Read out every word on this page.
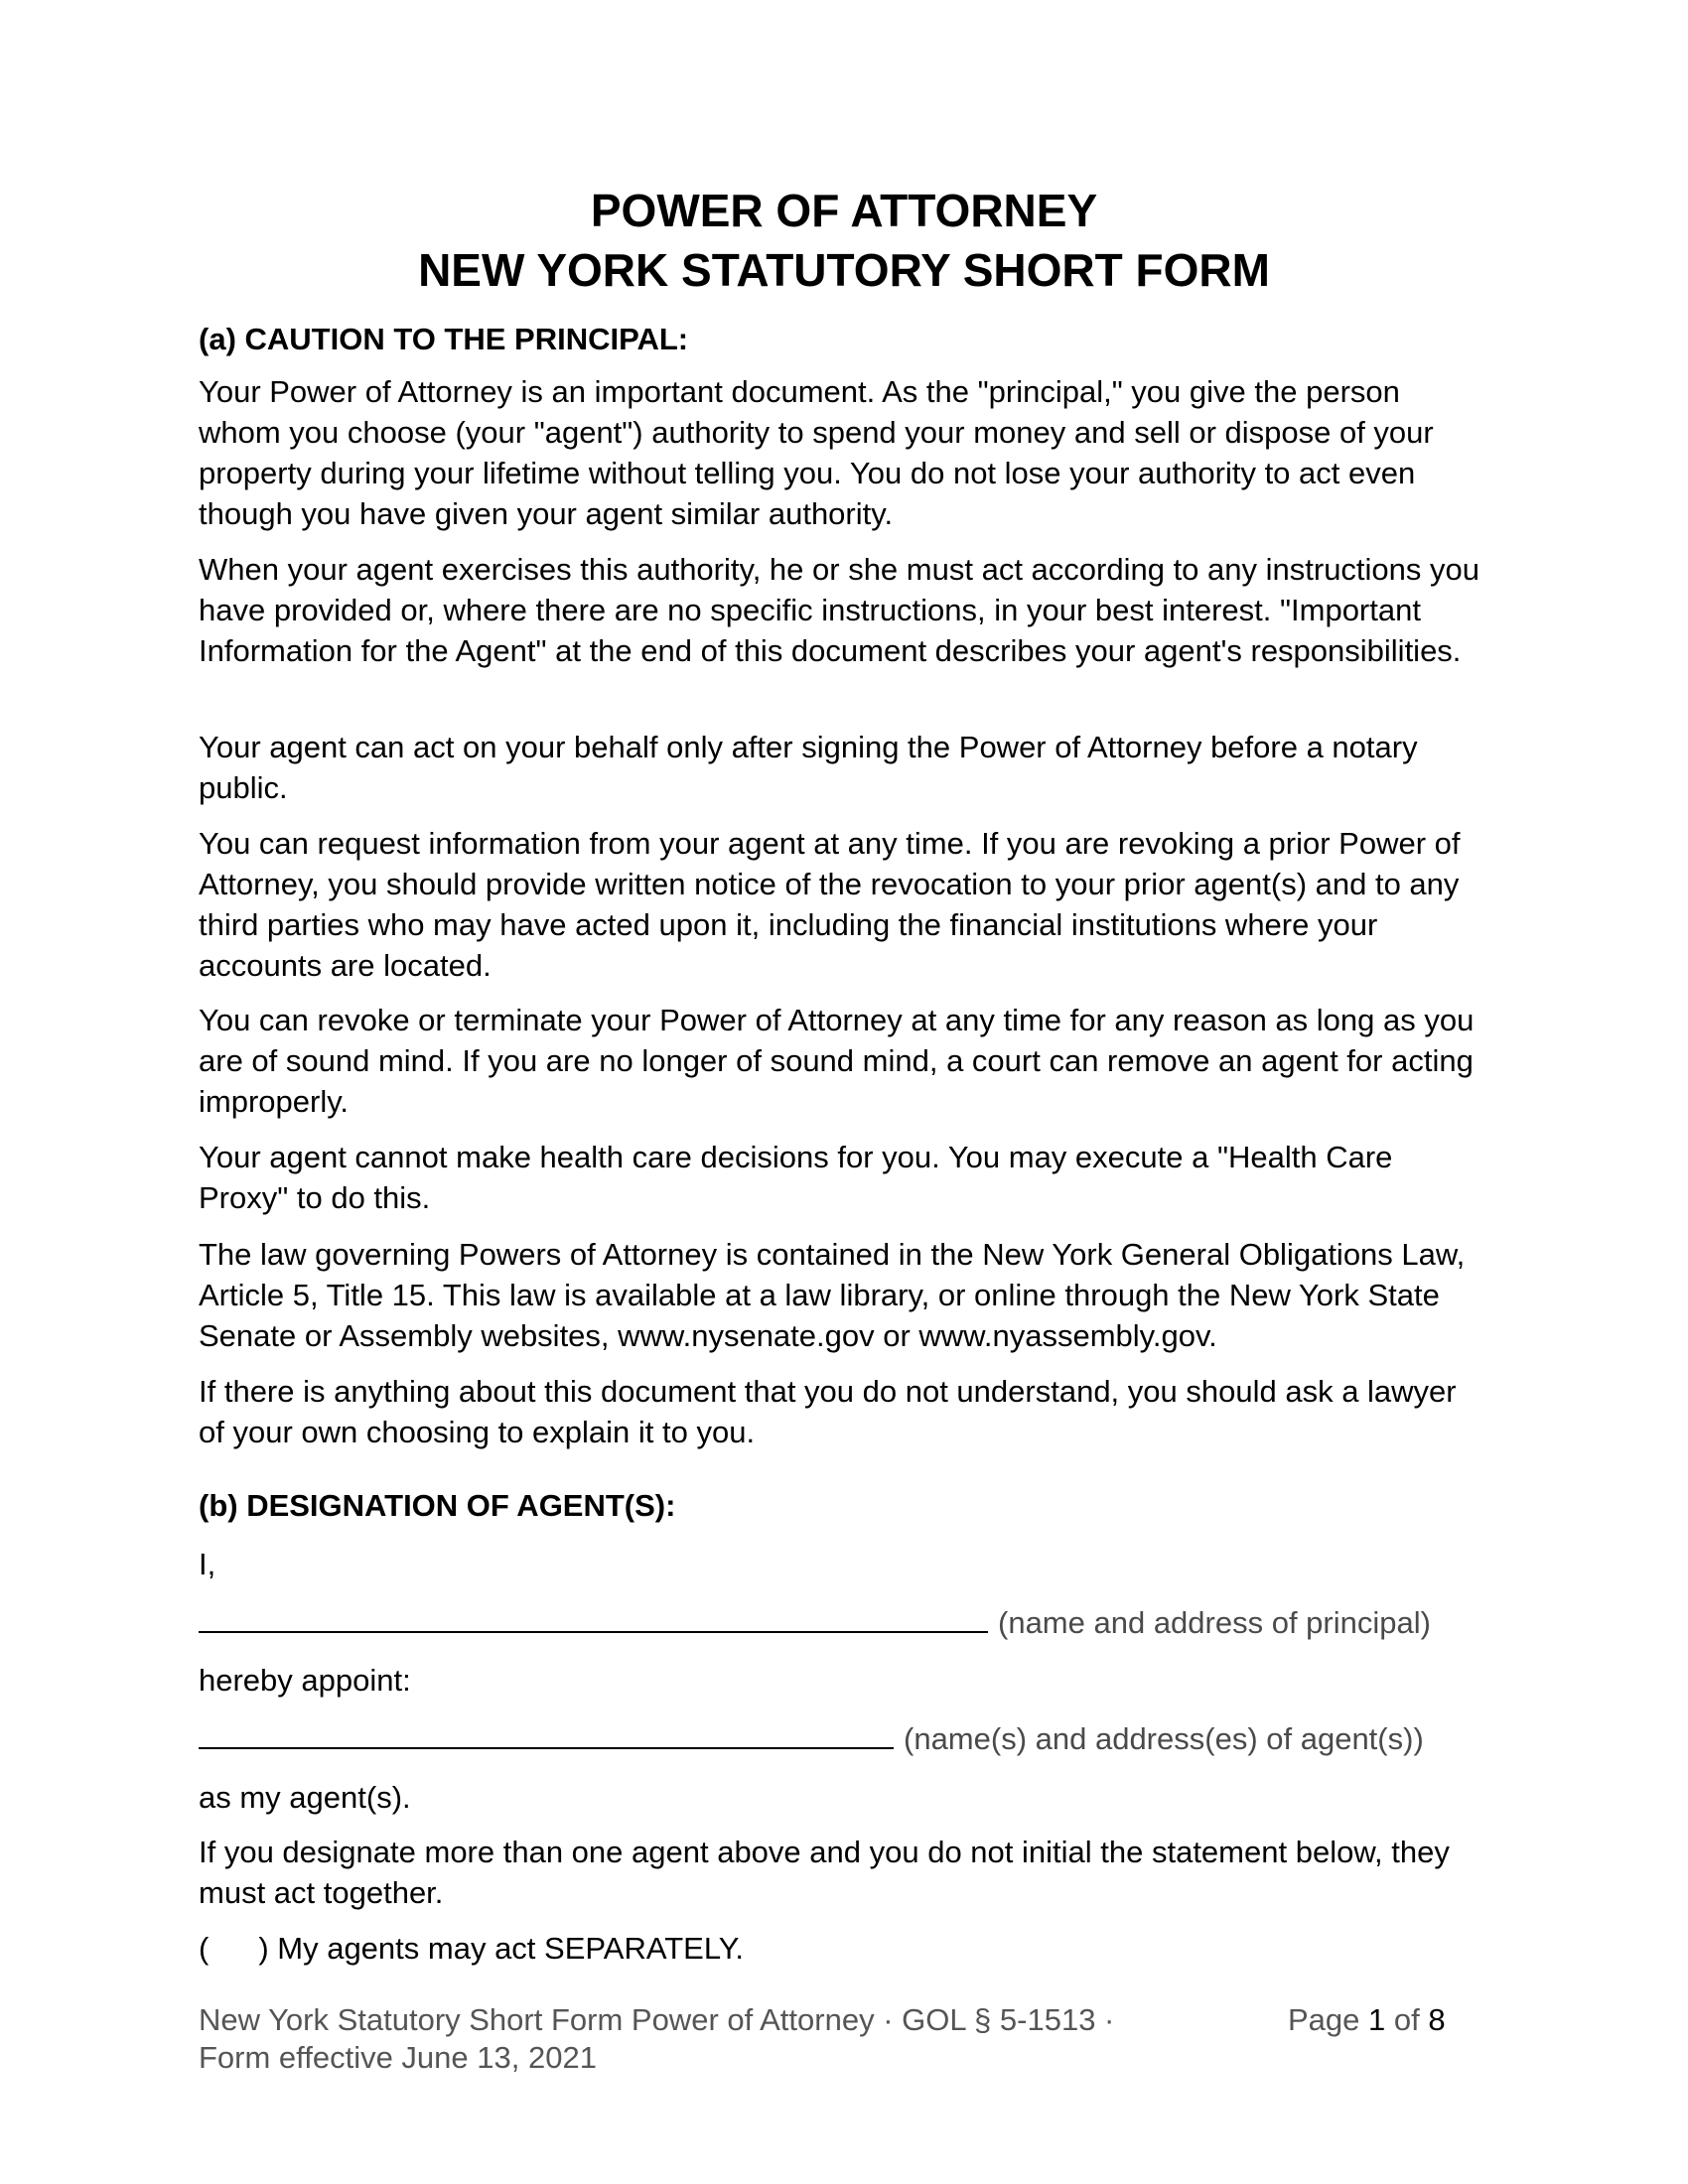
POWER OF ATTORNEY
NEW YORK STATUTORY SHORT FORM
(a) CAUTION TO THE PRINCIPAL:

Your Power of Attorney is an important document. As the "principal," you give the person whom you choose (your "agent") authority to spend your money and sell or dispose of your property during your lifetime without telling you. You do not lose your authority to act even though you have given your agent similar authority.

When your agent exercises this authority, he or she must act according to any instructions you have provided or, where there are no specific instructions, in your best interest. "Important Information for the Agent" at the end of this document describes your agent's responsibilities.

Your agent can act on your behalf only after signing the Power of Attorney before a notary public.

You can request information from your agent at any time. If you are revoking a prior Power of Attorney, you should provide written notice of the revocation to your prior agent(s) and to any third parties who may have acted upon it, including the financial institutions where your accounts are located.

You can revoke or terminate your Power of Attorney at any time for any reason as long as you are of sound mind. If you are no longer of sound mind, a court can remove an agent for acting improperly.

Your agent cannot make health care decisions for you. You may execute a "Health Care Proxy" to do this.

The law governing Powers of Attorney is contained in the New York General Obligations Law, Article 5, Title 15. This law is available at a law library, or online through the New York State Senate or Assembly websites, www.nysenate.gov or www.nyassembly.gov.

If there is anything about this document that you do not understand, you should ask a lawyer of your own choosing to explain it to you.

(b) DESIGNATION OF AGENT(S):
I,
(name and address of principal)
hereby appoint:
(name(s) and address(es) of agent(s))
as my agent(s).

If you designate more than one agent above and you do not initial the statement below, they must act together.

( ) My agents may act SEPARATELY.
New York Statutory Short Form Power of Attorney · GOL § 5-1513 ·
Form effective June 13, 2021
Page 1 of 8
